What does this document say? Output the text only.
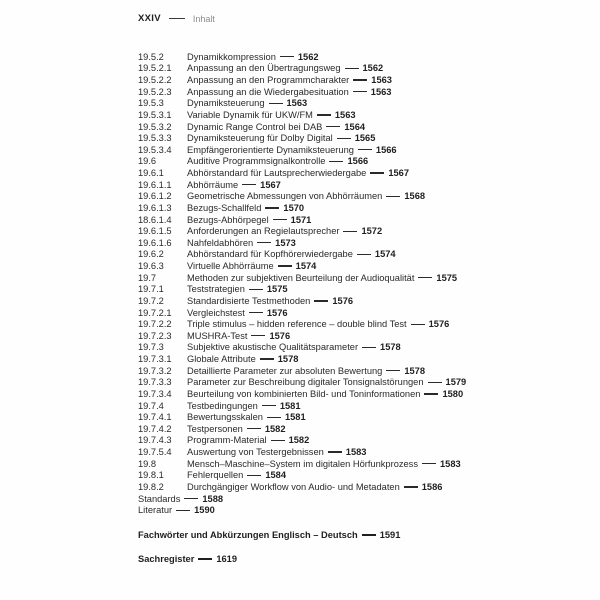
XXIV	Inhalt
19.5.2	Dynamikkompression 1562
19.5.2.1	Anpassung an den Übertragungsweg 1562
19.5.2.2	Anpassung an den Programmcharakter 1563
19.5.2.3	Anpassung an die Wiedergabesituation 1563
19.5.3	Dynamiksteuerung 1563
19.5.3.1	Variable Dynamik für UKW/FM 1563
19.5.3.2	Dynamic Range Control bei DAB 1564
19.5.3.3	Dynamiksteuerung für Dolby Digital 1565
19.5.3.4	Empfängerorientierte Dynamiksteuerung 1566
19.6	Auditive Programmsignalkontrolle 1566
19.6.1	Abhörstandard für Lautsprecherwiedergabe 1567
19.6.1.1	Abhörräume 1567
19.6.1.2	Geometrische Abmessungen von Abhörräumen 1568
19.6.1.3	Bezugs-Schallfeld 1570
18.6.1.4	Bezugs-Abhörpegel 1571
19.6.1.5	Anforderungen an Regielautsprecher 1572
19.6.1.6	Nahfeldabhören 1573
19.6.2	Abhörstandard für Kopfhörerwiedergabe 1574
19.6.3	Virtuelle Abhörräume 1574
19.7	Methoden zur subjektiven Beurteilung der Audioqualität 1575
19.7.1	Teststrategien 1575
19.7.2	Standardisierte Testmethoden 1576
19.7.2.1	Vergleichstest 1576
19.7.2.2	Triple stimulus – hidden reference – double blind Test 1576
19.7.2.3	MUSHRA-Test 1576
19.7.3	Subjektive akustische Qualitätsparameter 1578
19.7.3.1	Globale Attribute 1578
19.7.3.2	Detaillierte Parameter zur absoluten Bewertung 1578
19.7.3.3	Parameter zur Beschreibung digitaler Tonsignalstörungen 1579
19.7.3.4	Beurteilung von kombinierten Bild- und Toninformationen 1580
19.7.4	Testbedingungen 1581
19.7.4.1	Bewertungsskalen 1581
19.7.4.2	Testpersonen 1582
19.7.4.3	Programm-Material 1582
19.7.5.4	Auswertung von Testergebnissen 1583
19.8	Mensch–Maschine–System im digitalen Hörfunkprozess 1583
19.8.1	Fehlerquellen 1584
19.8.2	Durchgängiger Workflow von Audio- und Metadaten 1586
Standards 1588
Literatur 1590
Fachwörter und Abkürzungen Englisch – Deutsch 1591
Sachregister 1619
